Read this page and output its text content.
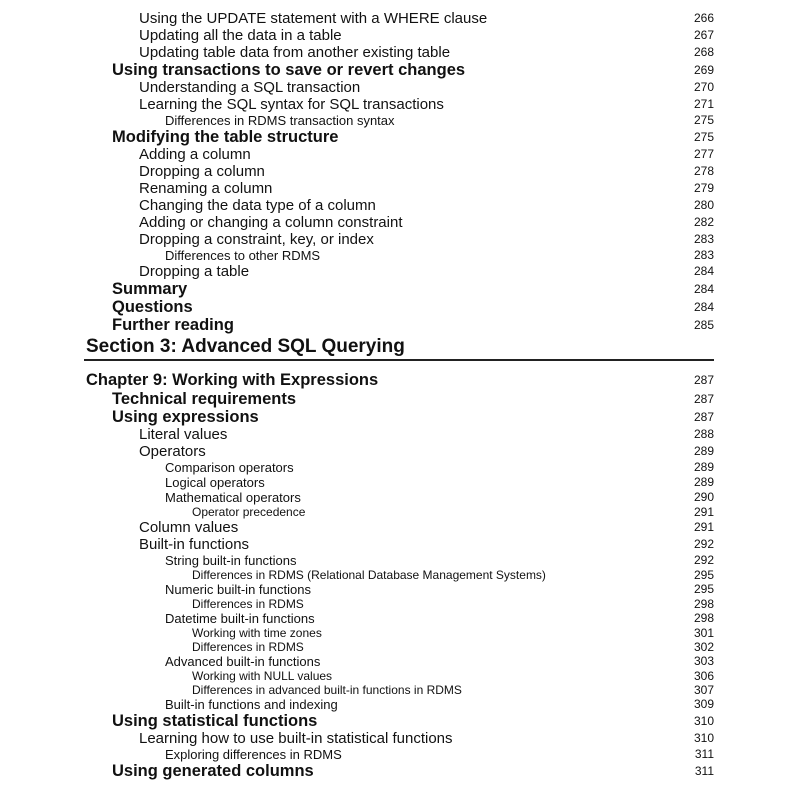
Using the UPDATE statement with a WHERE clause	266
Updating all the data in a table	267
Updating table data from another existing table	268
Using transactions to save or revert changes	269
Understanding a SQL transaction	270
Learning the SQL syntax for SQL transactions	271
Differences in RDMS transaction syntax	275
Modifying the table structure	275
Adding a column	277
Dropping a column	278
Renaming a column	279
Changing the data type of a column	280
Adding or changing a column constraint	282
Dropping a constraint, key, or index	283
Differences to other RDMS	283
Dropping a table	284
Summary	284
Questions	284
Further reading	285
Section 3: Advanced SQL Querying
Chapter 9: Working with Expressions	287
Technical requirements	287
Using expressions	287
Literal values	288
Operators	289
Comparison operators	289
Logical operators	289
Mathematical operators	290
Operator precedence	291
Column values	291
Built-in functions	292
String built-in functions	292
Differences in RDMS (Relational Database Management Systems)	295
Numeric built-in functions	295
Differences in RDMS	298
Datetime built-in functions	298
Working with time zones	301
Differences in RDMS	302
Advanced built-in functions	303
Working with NULL values	306
Differences in advanced built-in functions in RDMS	307
Built-in functions and indexing	309
Using statistical functions	310
Learning how to use built-in statistical functions	310
Exploring differences in RDMS	311
Using generated columns	311
